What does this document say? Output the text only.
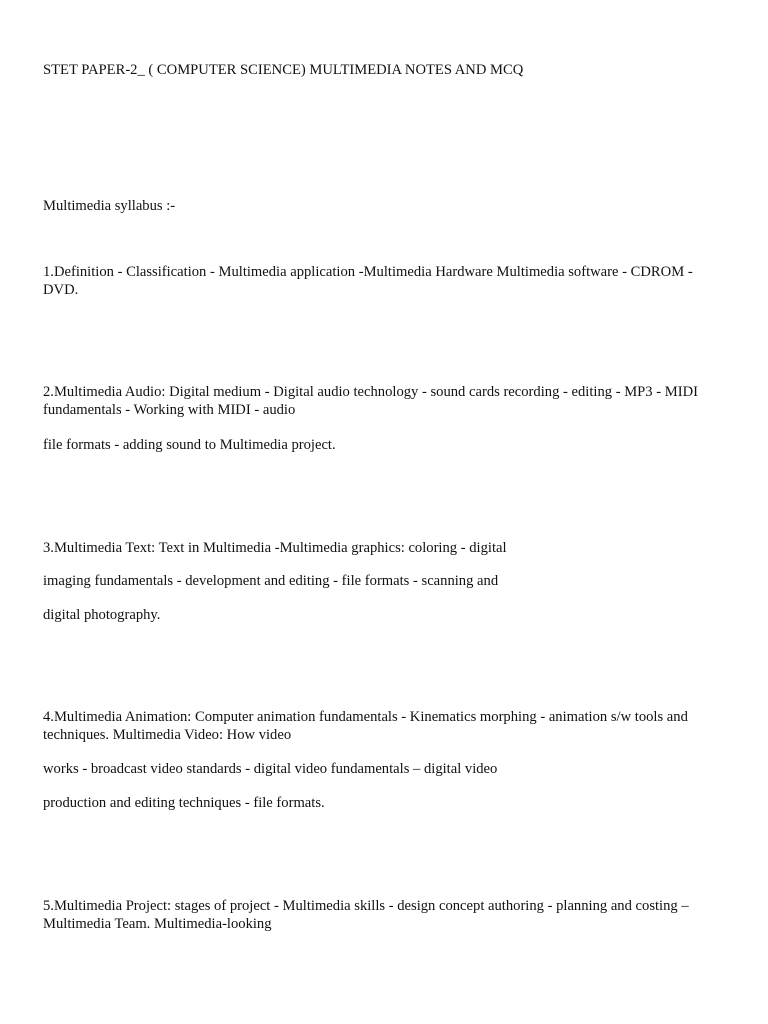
STET PAPER-2_ ( COMPUTER SCIENCE) MULTIMEDIA NOTES AND MCQ

Multimedia syllabus :-

1.Definition - Classification - Multimedia application -Multimedia Hardware Multimedia software - CDROM - DVD.

2.Multimedia Audio: Digital medium - Digital audio technology - sound cards recording - editing - MP3 - MIDI fundamentals - Working with MIDI - audio

file formats - adding sound to Multimedia project.

3.Multimedia Text: Text in Multimedia -Multimedia graphics: coloring - digital

imaging fundamentals - development and editing - file formats - scanning and

digital photography.

4.Multimedia Animation: Computer animation fundamentals - Kinematics morphing - animation s/w tools and techniques. Multimedia Video: How video

works - broadcast video standards - digital video fundamentals – digital video

production and editing techniques - file formats.

5.Multimedia Project: stages of project - Multimedia skills - design concept authoring - planning and costing –Multimedia Team. Multimedia-looking
